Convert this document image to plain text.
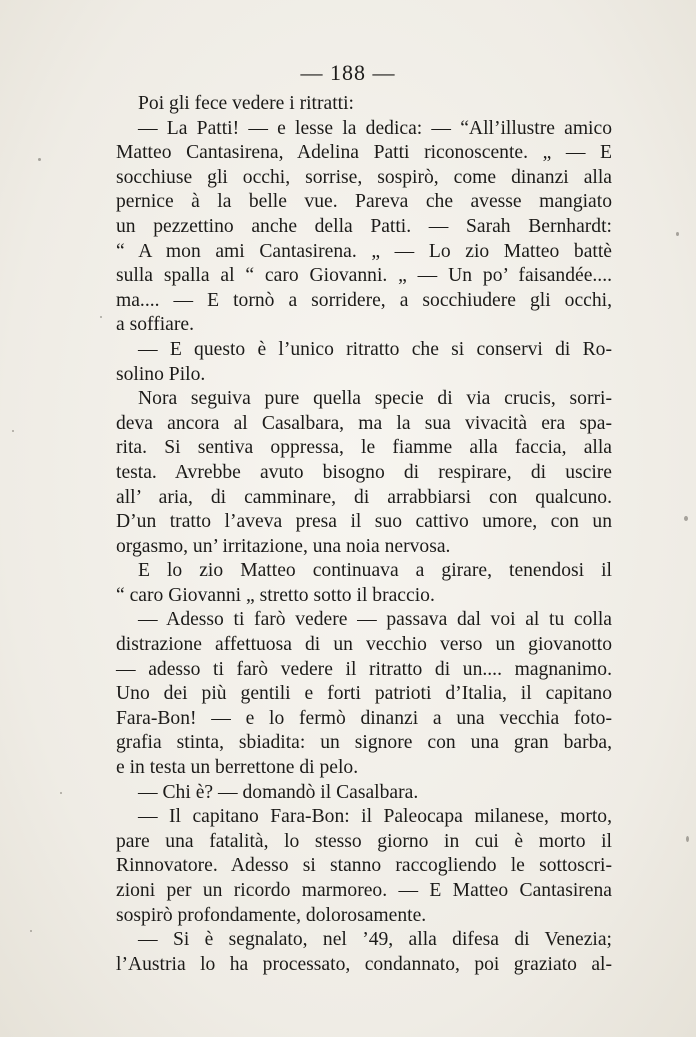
— 188 —
Poi gli fece vedere i ritratti:
— La Patti! — e lesse la dedica: — “All’illustre amico
Matteo Cantasirena, Adelina Patti riconoscente. „ — E
socchiuse gli occhi, sorrise, sospirò, come dinanzi alla
pernice à la belle vue. Pareva che avesse mangiato
un pezzettino anche della Patti. — Sarah Bernhardt:
“ A mon ami Cantasirena. „ — Lo zio Matteo battè
sulla spalla al “ caro Giovanni. „ — Un po’ faisandée....
ma.... — E tornò a sorridere, a socchiudere gli occhi,
a soffiare.
— E questo è l’unico ritratto che si conservi di Ro-
solino Pilo.
Nora seguiva pure quella specie di via crucis, sorri-
deva ancora al Casalbara, ma la sua vivacità era spa-
rita. Si sentiva oppressa, le fiamme alla faccia, alla
testa. Avrebbe avuto bisogno di respirare, di uscire
all’ aria, di camminare, di arrabbiarsi con qualcuno.
D’un tratto l’aveva presa il suo cattivo umore, con un
orgasmo, un’ irritazione, una noia nervosa.
E lo zio Matteo continuava a girare, tenendosi il
“ caro Giovanni „ stretto sotto il braccio.
— Adesso ti farò vedere — passava dal voi al tu colla
distrazione affettuosa di un vecchio verso un giovanotto
— adesso ti farò vedere il ritratto di un.... magnanimo.
Uno dei più gentili e forti patrioti d’Italia, il capitano
Fara-Bon! — e lo fermò dinanzi a una vecchia foto-
grafia stinta, sbiadita: un signore con una gran barba,
e in testa un berrettone di pelo.
— Chi è? — domandò il Casalbara.
— Il capitano Fara-Bon: il Paleocapa milanese, morto,
pare una fatalità, lo stesso giorno in cui è morto il
Rinnovatore. Adesso si stanno raccogliendo le sottoscri-
zioni per un ricordo marmoreo. — E Matteo Cantasirena
sospirò profondamente, dolorosamente.
— Si è segnalato, nel ’49, alla difesa di Venezia;
l’Austria lo ha processato, condannato, poi graziato al-
